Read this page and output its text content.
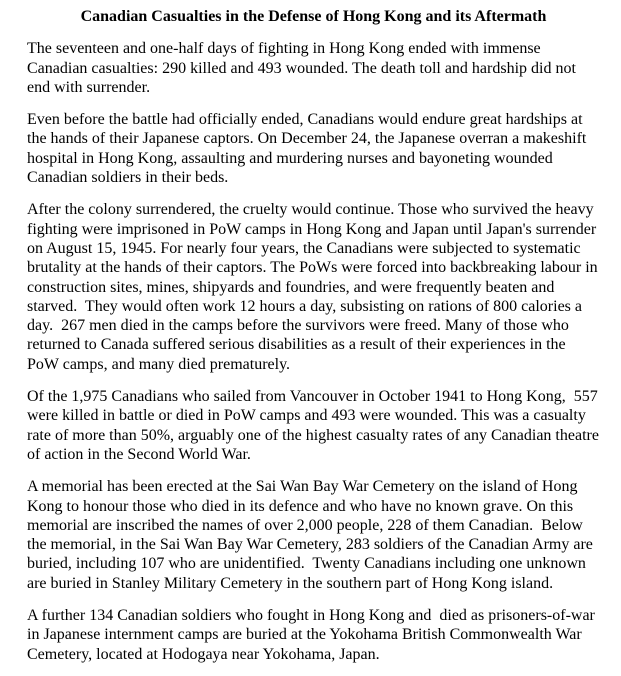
Canadian Casualties in the Defense of Hong Kong and its Aftermath

The seventeen and one-half days of fighting in Hong Kong ended with immense Canadian casualties: 290 killed and 493 wounded. The death toll and hardship did not end with surrender.

Even before the battle had officially ended, Canadians would endure great hardships at the hands of their Japanese captors. On December 24, the Japanese overran a makeshift hospital in Hong Kong, assaulting and murdering nurses and bayoneting wounded Canadian soldiers in their beds.

After the colony surrendered, the cruelty would continue. Those who survived the heavy fighting were imprisoned in PoW camps in Hong Kong and Japan until Japan's surrender on August 15, 1945. For nearly four years, the Canadians were subjected to systematic brutality at the hands of their captors. The PoWs were forced into backbreaking labour in construction sites, mines, shipyards and foundries, and were frequently beaten and starved.  They would often work 12 hours a day, subsisting on rations of 800 calories a day.  267 men died in the camps before the survivors were freed. Many of those who returned to Canada suffered serious disabilities as a result of their experiences in the PoW camps, and many died prematurely.

Of the 1,975 Canadians who sailed from Vancouver in October 1941 to Hong Kong,  557 were killed in battle or died in PoW camps and 493 were wounded. This was a casualty rate of more than 50%, arguably one of the highest casualty rates of any Canadian theatre of action in the Second World War.

A memorial has been erected at the Sai Wan Bay War Cemetery on the island of Hong Kong to honour those who died in its defence and who have no known grave. On this memorial are inscribed the names of over 2,000 people, 228 of them Canadian.  Below the memorial, in the Sai Wan Bay War Cemetery, 283 soldiers of the Canadian Army are buried, including 107 who are unidentified.  Twenty Canadians including one unknown are buried in Stanley Military Cemetery in the southern part of Hong Kong island.

A further 134 Canadian soldiers who fought in Hong Kong and  died as prisoners-of-war in Japanese internment camps are buried at the Yokohama British Commonwealth War Cemetery, located at Hodogaya near Yokohama, Japan.
